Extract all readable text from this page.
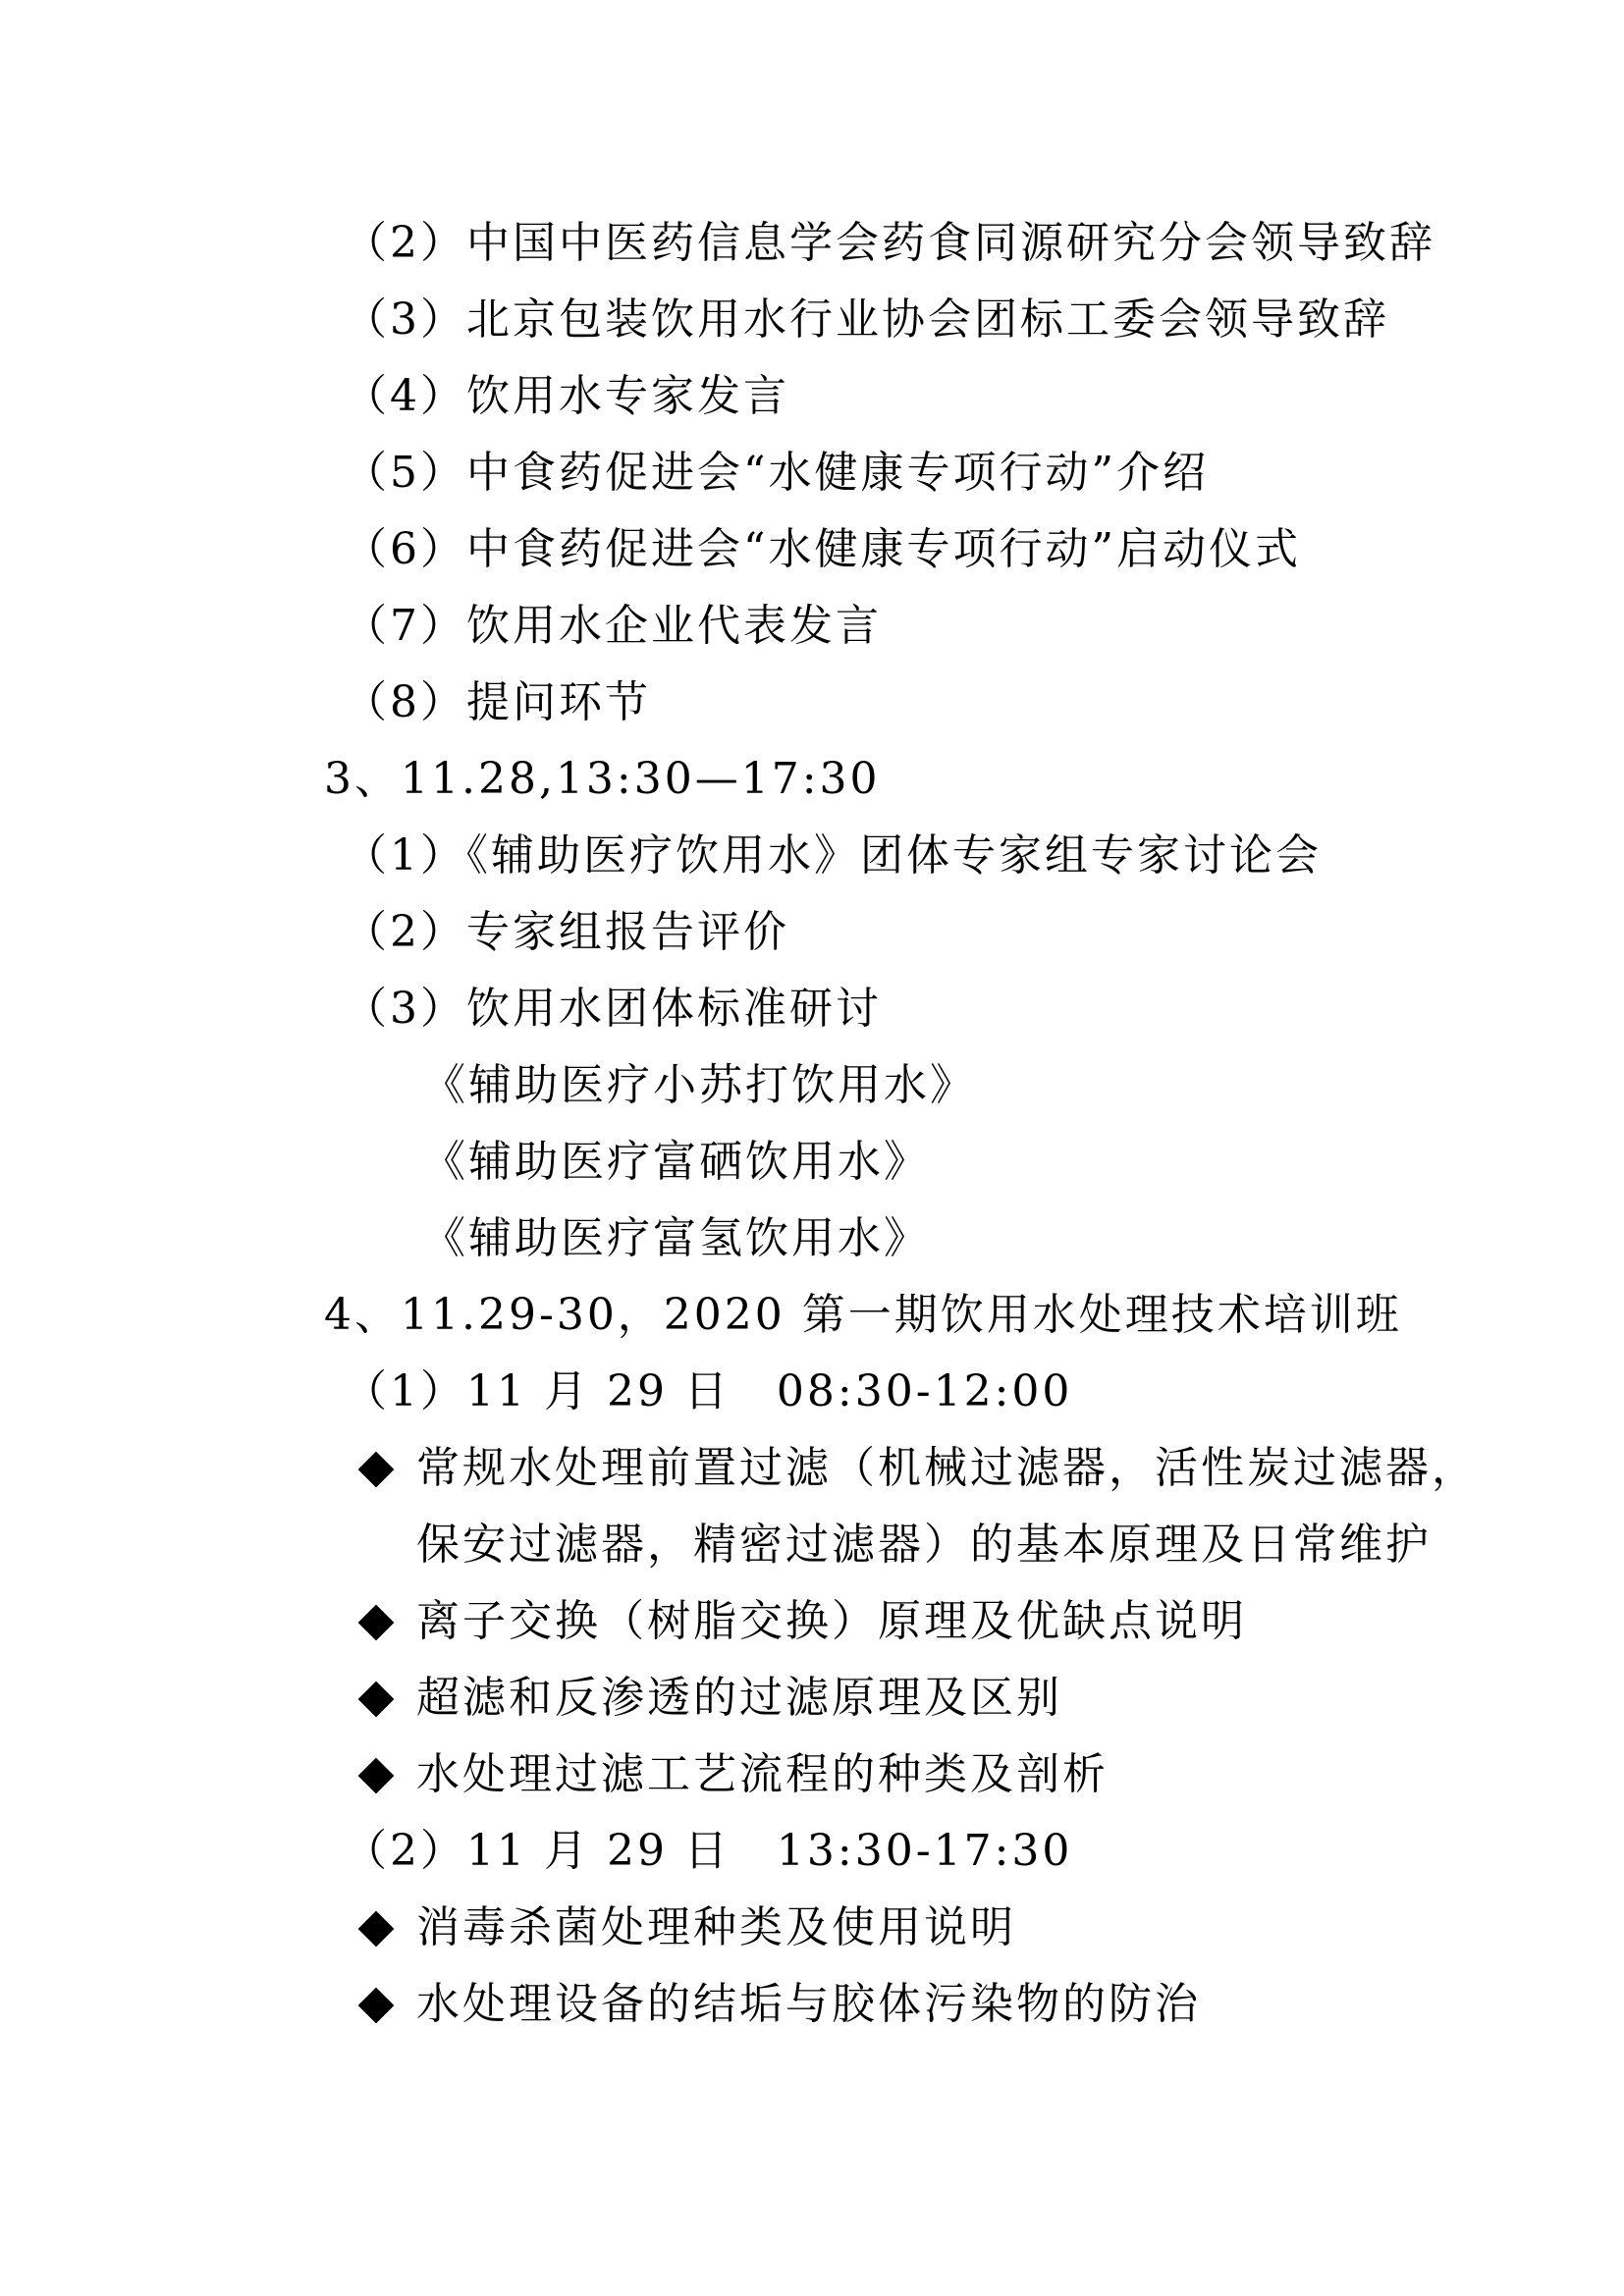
（2）中国中医药信息学会药食同源研究分会领导致辞
（3）北京包装饮用水行业协会团标工委会领导致辞
（4）饮用水专家发言
（5）中食药促进会“水健康专项行动”介绍
（6）中食药促进会“水健康专项行动”启动仪式
（7）饮用水企业代表发言
（8）提问环节
3、11.28,13:30—17:30
（1）《辅助医疗饮用水》团体专家组专家讨论会
（2）专家组报告评价
（3）饮用水团体标准研讨
《辅助医疗小苏打饮用水》
《辅助医疗富硒饮用水》
《辅助医疗富氢饮用水》
4、11.29-30，2020 第一期饮用水处理技术培训班
（1）11 月 29 日　08:30-12:00
常规水处理前置过滤（机械过滤器，活性炭过滤器，
保安过滤器，精密过滤器）的基本原理及日常维护
离子交换（树脂交换）原理及优缺点说明
超滤和反渗透的过滤原理及区别
水处理过滤工艺流程的种类及剖析
（2）11 月 29 日　13:30-17:30
消毒杀菌处理种类及使用说明
水处理设备的结垢与胶体污染物的防治
